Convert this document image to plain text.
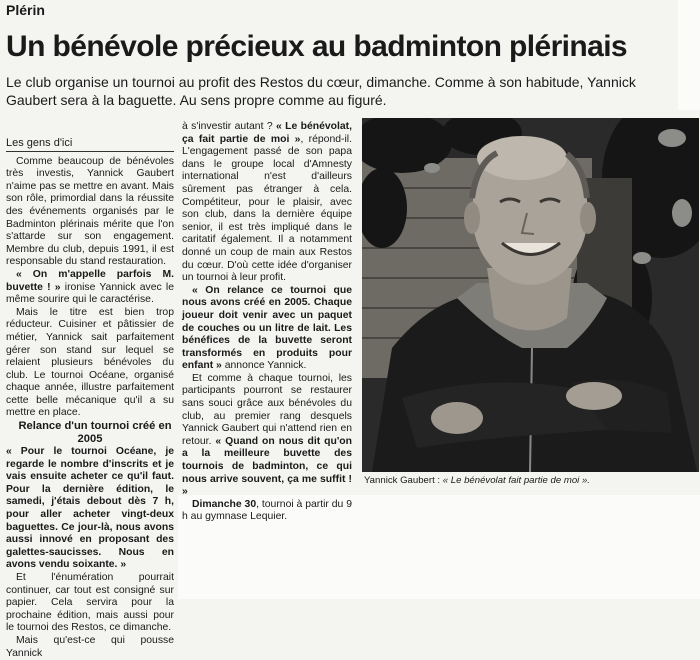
Plérin
Un bénévole précieux au badminton plérinais

Le club organise un tournoi au profit des Restos du cœur, dimanche. Comme à son habitude, Yannick Gaubert sera à la baguette. Au sens propre comme au figuré.

Les gens d'ici

Comme beaucoup de bénévoles très investis, Yannick Gaubert n'aime pas se mettre en avant. Mais son rôle, primordial dans la réussite des événements organisés par le Badminton plérinais mérite que l'on s'attarde sur son engagement. Membre du club, depuis 1991, il est responsable du stand restauration.

« On m'appelle parfois M. buvette ! » ironise Yannick avec le même sourire qui le caractérise.

Mais le titre est bien trop réducteur. Cuisiner et pâtissier de métier, Yannick sait parfaitement gérer son stand sur lequel se relaient plusieurs bénévoles du club. Le tournoi Océane, organisé chaque année, illustre parfaitement cette belle mécanique qu'il a su mettre en place.

Relance d'un tournoi créé en 2005

« Pour le tournoi Océane, je regarde le nombre d'inscrits et je vais ensuite acheter ce qu'il faut. Pour la dernière édition, le samedi, j'étais debout dès 7 h, pour aller acheter vingt-deux baguettes. Ce jour-là, nous avons aussi innové en proposant des galettes-saucisses. Nous en avons vendu soixante. »

Et l'énumération pourrait continuer, car tout est consigné sur papier. Cela servira pour la prochaine édition, mais aussi pour le tournoi des Restos, ce dimanche.

Mais qu'est-ce qui pousse Yannick

à s'investir autant ? « Le bénévolat, ça fait partie de moi », répond-il. L'engagement passé de son papa dans le groupe local d'Amnesty international n'est d'ailleurs sûrement pas étranger à cela. Compétiteur, pour le plaisir, avec son club, dans la dernière équipe senior, il est très impliqué dans le caritatif également. Il a notamment donné un coup de main aux Restos du cœur. D'où cette idée d'organiser un tournoi à leur profit.

« On relance ce tournoi que nous avons créé en 2005. Chaque joueur doit venir avec un paquet de couches ou un litre de lait. Les bénéfices de la buvette seront transformés en produits pour enfant » annonce Yannick.

Et comme à chaque tournoi, les participants pourront se restaurer sans souci grâce aux bénévoles du club, au premier rang desquels Yannick Gaubert qui n'attend rien en retour. « Quand on nous dit qu'on a la meilleure buvette des tournois de badminton, ce qui nous arrive souvent, ça me suffit ! »

Dimanche 30, tournoi à partir du 9 h au gymnase Lequier.

Yannick Gaubert : « Le bénévolat fait partie de moi ».
